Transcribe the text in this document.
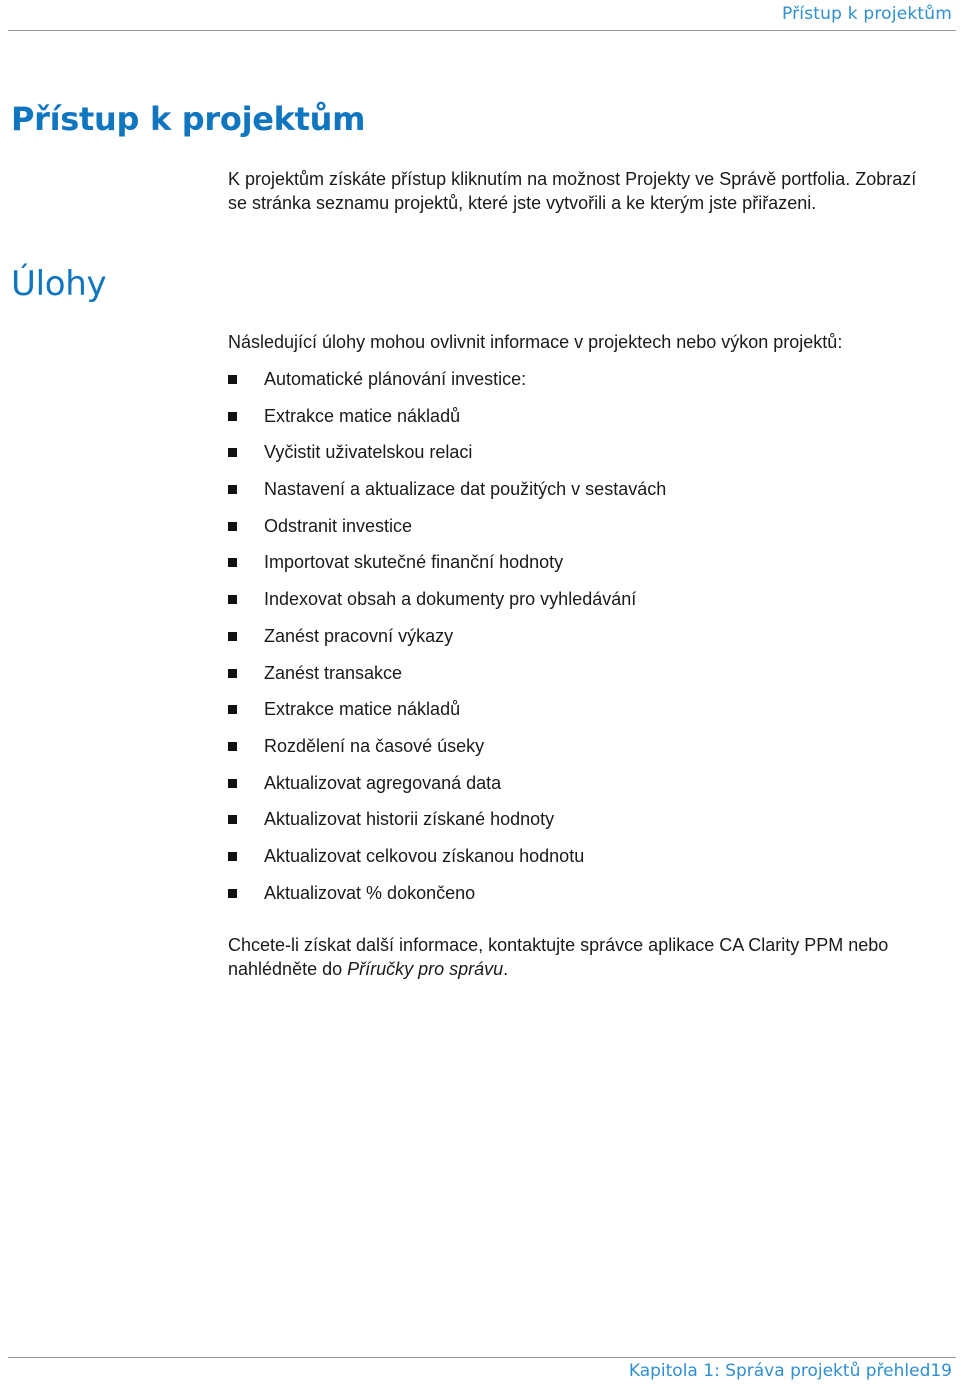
Přístup k projektům
Přístup k projektům

K projektům získáte přístup kliknutím na možnost Projekty ve Správě portfolia. Zobrazí se stránka seznamu projektů, které jste vytvořili a ke kterým jste přiřazeni.

Úlohy

Následující úlohy mohou ovlivnit informace v projektech nebo výkon projektů:

Automatické plánování investice:
Extrakce matice nákladů
Vyčistit uživatelskou relaci
Nastavení a aktualizace dat použitých v sestavách
Odstranit investice
Importovat skutečné finanční hodnoty
Indexovat obsah a dokumenty pro vyhledávání
Zanést pracovní výkazy
Zanést transakce
Extrakce matice nákladů
Rozdělení na časové úseky
Aktualizovat agregovaná data
Aktualizovat historii získané hodnoty
Aktualizovat celkovou získanou hodnotu
Aktualizovat % dokončeno

Chcete-li získat další informace, kontaktujte správce aplikace CA Clarity PPM nebo nahlédněte do Příručky pro správu.

Kapitola 1: Správa projektů přehled19
